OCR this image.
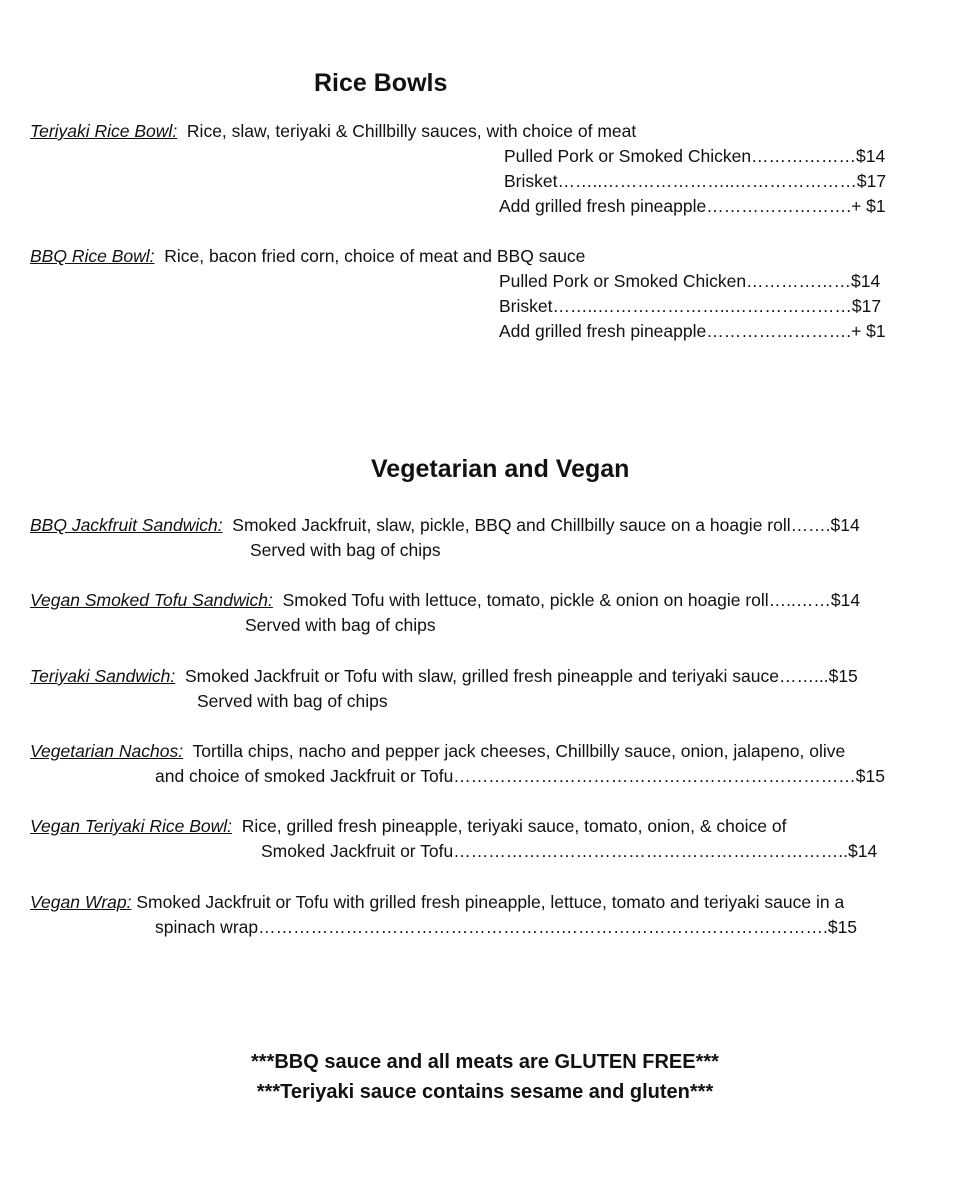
Rice Bowls
Teriyaki Rice Bowl:  Rice, slaw, teriyaki & Chillbilly sauces, with choice of meat
Pulled Pork or Smoked Chicken………………$14
Brisket……..…………………..…………………$17
Add grilled fresh pineapple…………………….+ $1
BBQ Rice Bowl:  Rice, bacon fried corn, choice of meat and BBQ sauce
Pulled Pork or Smoked Chicken………………$14
Brisket……..…………………..…………………$17
Add grilled fresh pineapple…………………….+ $1
Vegetarian and Vegan
BBQ Jackfruit Sandwich:  Smoked Jackfruit, slaw, pickle, BBQ and Chillbilly sauce on a hoagie roll…….$14
Served with bag of chips
Vegan Smoked Tofu Sandwich:  Smoked Tofu with lettuce, tomato, pickle & onion on hoagie roll…..……$14
Served with bag of chips
Teriyaki Sandwich:  Smoked Jackfruit or Tofu with slaw, grilled fresh pineapple and teriyaki sauce……...$15
Served with bag of chips
Vegetarian Nachos:  Tortilla chips, nacho and pepper jack cheeses, Chillbilly sauce, onion, jalapeno, olive
and choice of smoked Jackfruit or Tofu……………………………………………………………$15
Vegan Teriyaki Rice Bowl:  Rice, grilled fresh pineapple, teriyaki sauce, tomato, onion, & choice of
Smoked Jackfruit or Tofu…………………………………………………………..$14
Vegan Wrap: Smoked Jackfruit or Tofu with grilled fresh pineapple, lettuce, tomato and teriyaki sauce in a
spinach wrap…………………………………………….……………………………………….$15
***BBQ sauce and all meats are GLUTEN FREE***
***Teriyaki sauce contains sesame and gluten***
